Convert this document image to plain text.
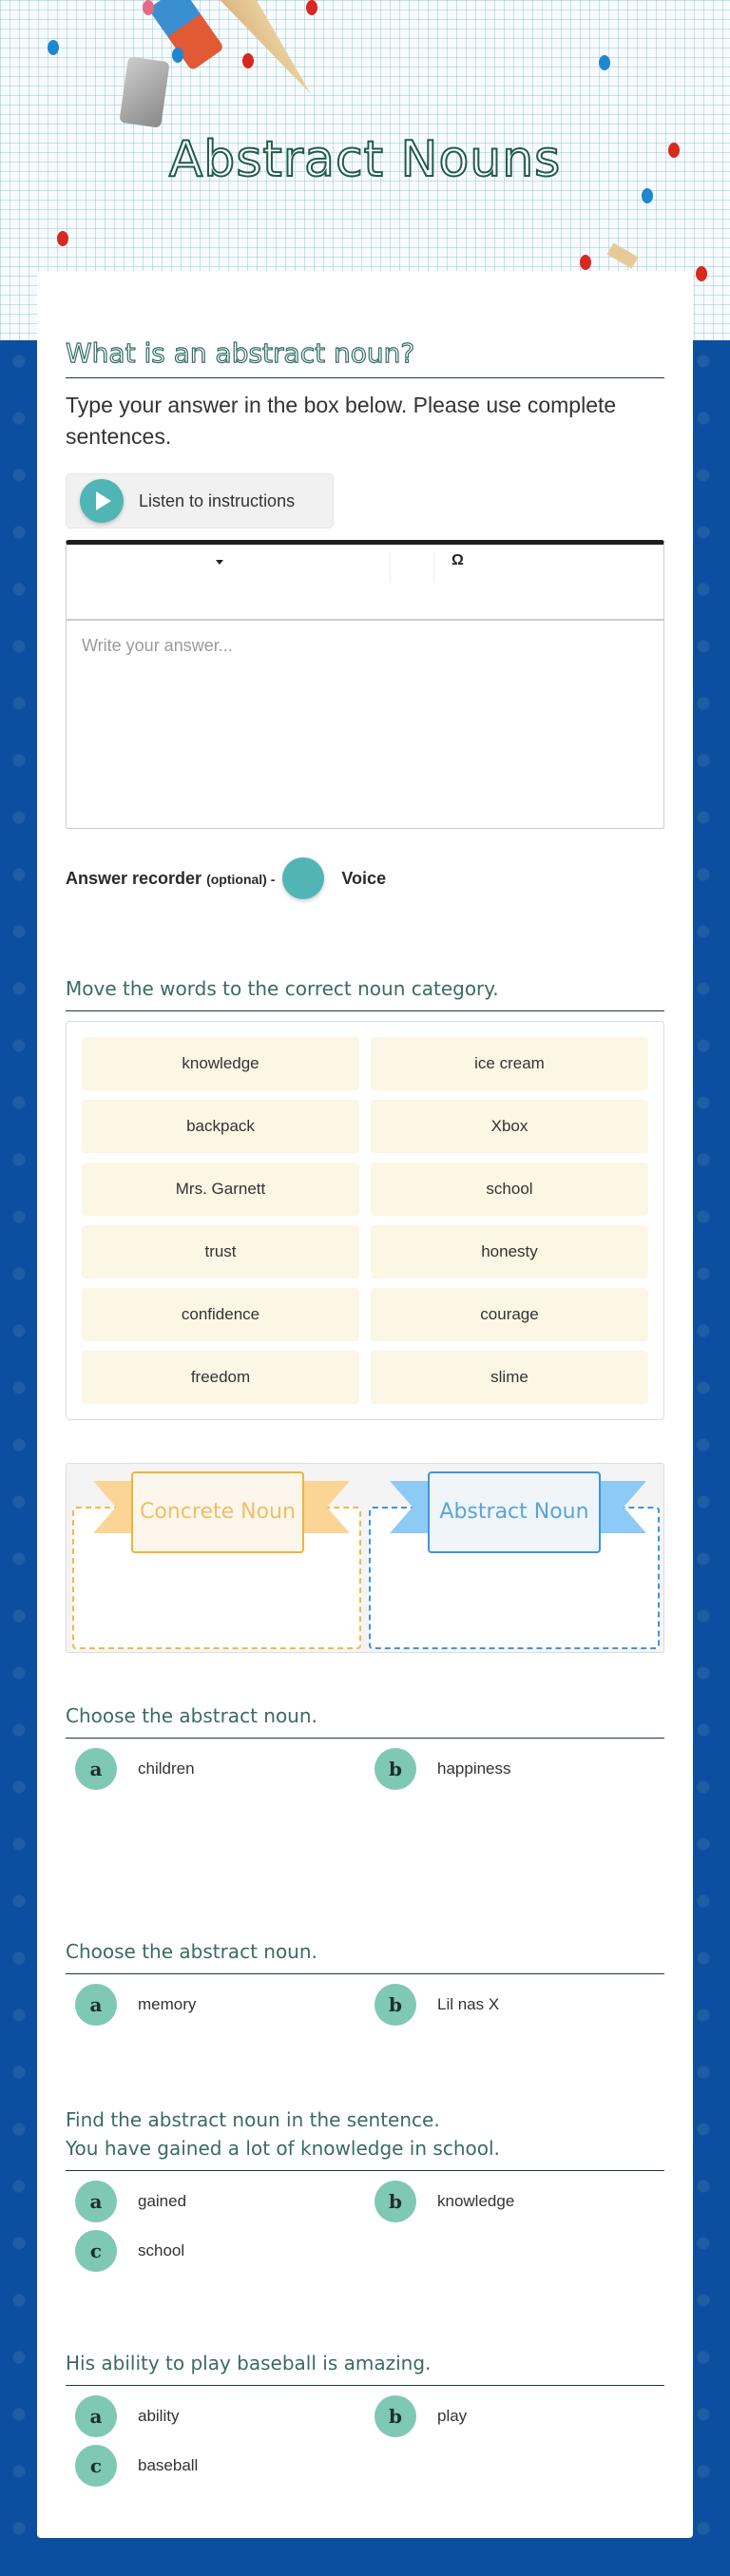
Abstract Nouns
What is an abstract noun?
Type your answer in the box below. Please use complete sentences.
Listen to instructions
Ω
Write your answer...
Answer recorder (optional) -	Voice
Move the words to the correct noun category.
knowledge	ice cream
backpack	Xbox
Mrs. Garnett	school
trust	honesty
confidence	courage
freedom	slime
Concrete Noun	Abstract Noun
Choose the abstract noun.
a	children	b	happiness
Choose the abstract noun.
a	memory	b	Lil nas X
Find the abstract noun in the sentence.
You have gained a lot of knowledge in school.
a	gained	b	knowledge
c	school
His ability to play baseball is amazing.
a	ability	b	play
c	baseball
